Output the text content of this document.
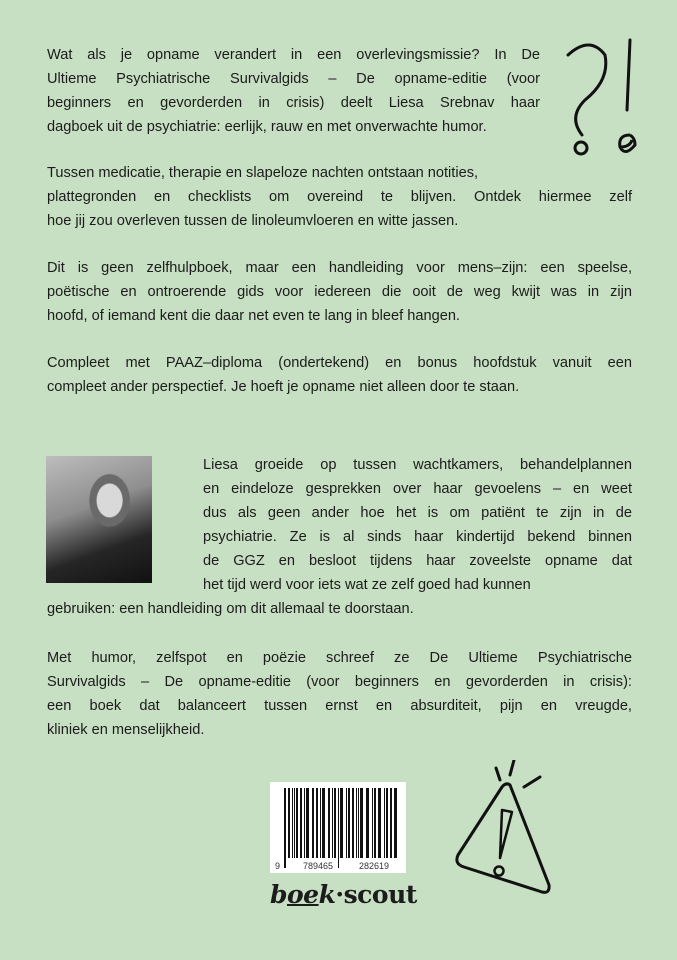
Wat als je opname verandert in een overlevingsmissie? In De
Ultieme Psychiatrische Survivalgids – De opname-editie (voor
beginners en gevorderden in crisis) deelt Liesa Srebnav haar
dagboek uit de psychiatrie: eerlijk, rauw en met onverwachte humor.
Tussen medicatie, therapie en slapeloze nachten ontstaan notities,
plattegronden en checklists om overeind te blijven. Ontdek hiermee zelf
hoe jij zou overleven tussen de linoleumvloeren en witte jassen.
Dit is geen zelfhulpboek, maar een handleiding voor mens–zijn: een speelse,
poëtische en ontroerende gids voor iedereen die ooit de weg kwijt was in zijn
hoofd, of iemand kent die daar net even te lang in bleef hangen.
Compleet met PAAZ–diploma (ondertekend) en bonus hoofdstuk vanuit een
compleet ander perspectief. Je hoeft je opname niet alleen door te staan.
Liesa groeide op tussen wachtkamers, behandelplannen
en eindeloze gesprekken over haar gevoelens – en weet
dus als geen ander hoe het is om patiënt te zijn in de
psychiatrie. Ze is al sinds haar kindertijd bekend binnen
de GGZ en besloot tijdens haar zoveelste opname dat
het tijd werd voor iets wat ze zelf goed had kunnen
gebruiken: een handleiding om dit allemaal te doorstaan.
Met humor, zelfspot en poëzie schreef ze De Ultieme Psychiatrische
Survivalgids – De opname-editie (voor beginners en gevorderden in crisis):
een boek dat balanceert tussen ernst en absurditeit, pijn en vreugde,
kliniek en menselijkheid.
9	789465	282619
boek·scout
